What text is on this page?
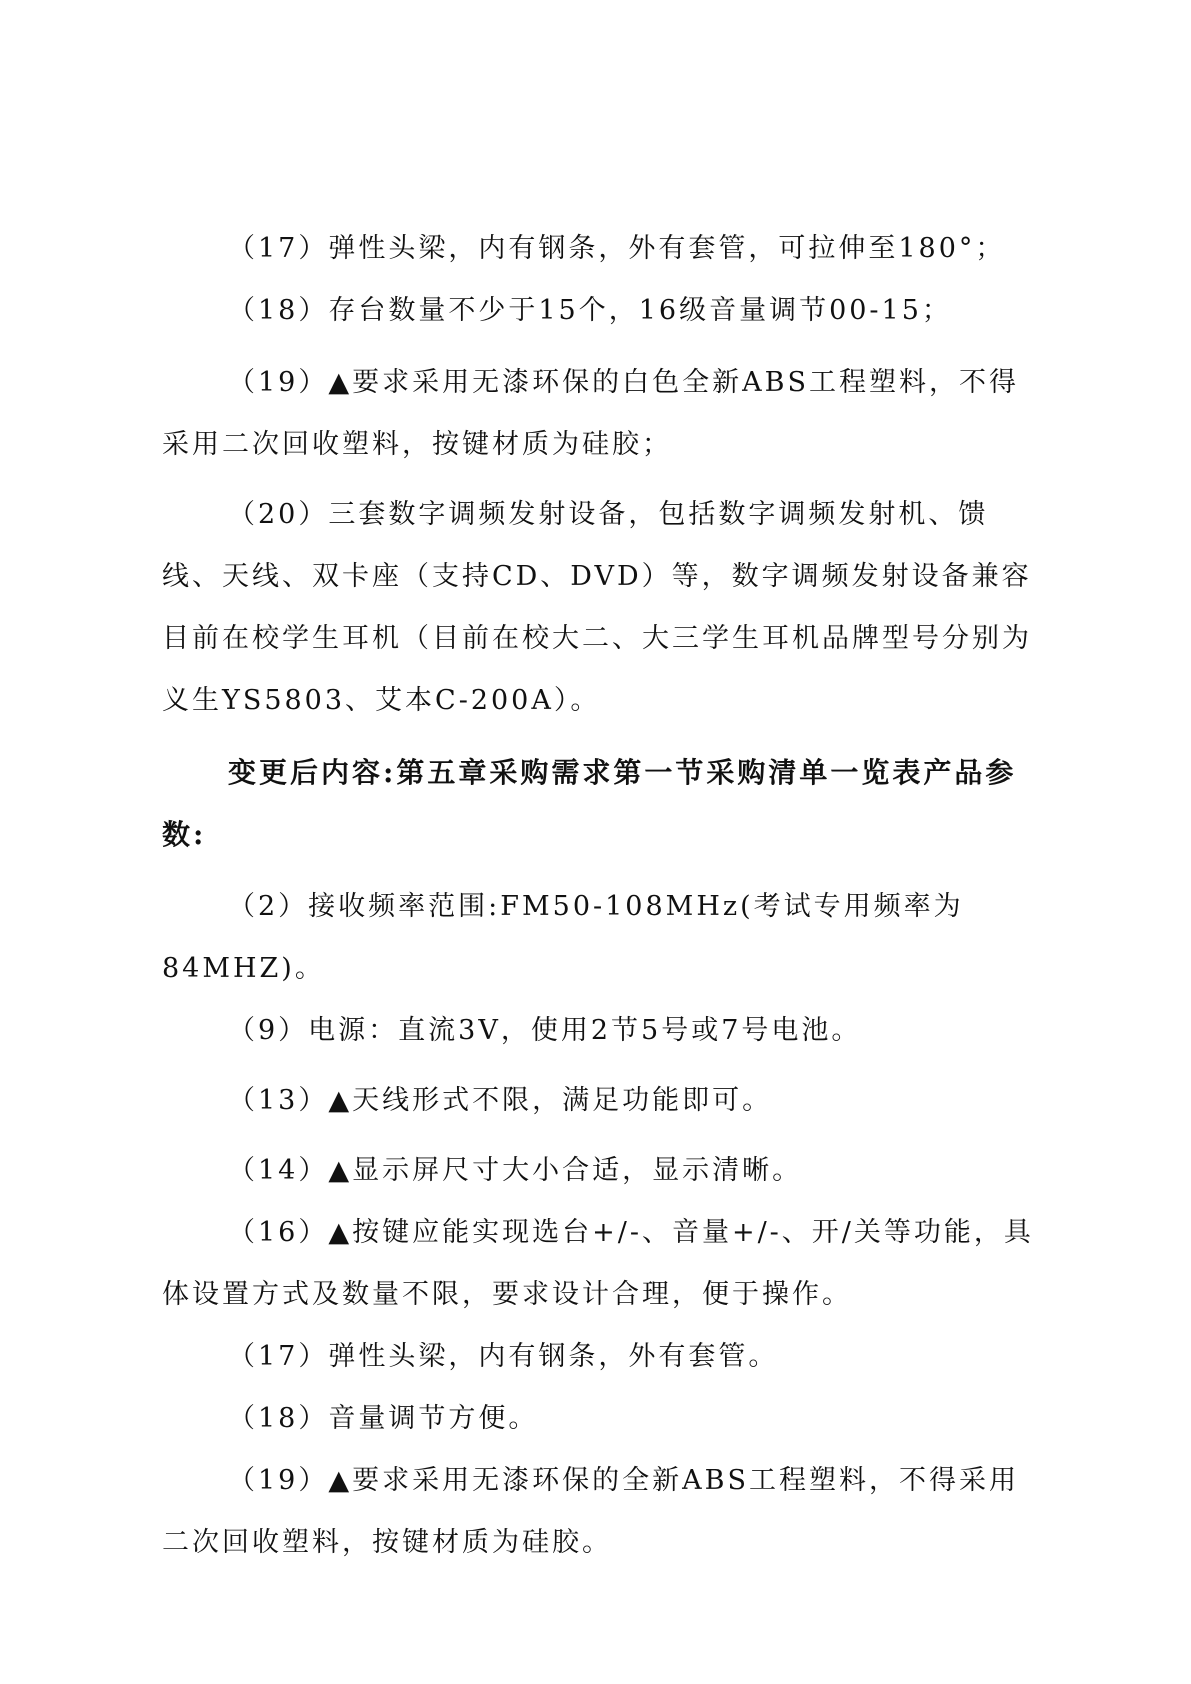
（17）弹性头梁，内有钢条，外有套管，可拉伸至180°；

（18）存台数量不少于15个，16级音量调节00-15；

（19）▲要求采用无漆环保的白色全新ABS工程塑料，不得采用二次回收塑料，按键材质为硅胶；

（20）三套数字调频发射设备，包括数字调频发射机、馈线、天线、双卡座（支持CD、DVD）等，数字调频发射设备兼容目前在校学生耳机（目前在校大二、大三学生耳机品牌型号分别为义生YS5803、艾本C-200A）。

变更后内容:第五章采购需求第一节采购清单一览表产品参数:

（2）接收频率范围:FM50-108MHz(考试专用频率为84MHZ)。

（9）电源：直流3V，使用2节5号或7号电池。

（13）▲天线形式不限，满足功能即可。

（14）▲显示屏尺寸大小合适，显示清晰。

（16）▲按键应能实现选台+/-、音量+/-、开/关等功能，具体设置方式及数量不限，要求设计合理，便于操作。

（17）弹性头梁，内有钢条，外有套管。

（18）音量调节方便。

（19）▲要求采用无漆环保的全新ABS工程塑料，不得采用二次回收塑料，按键材质为硅胶。
